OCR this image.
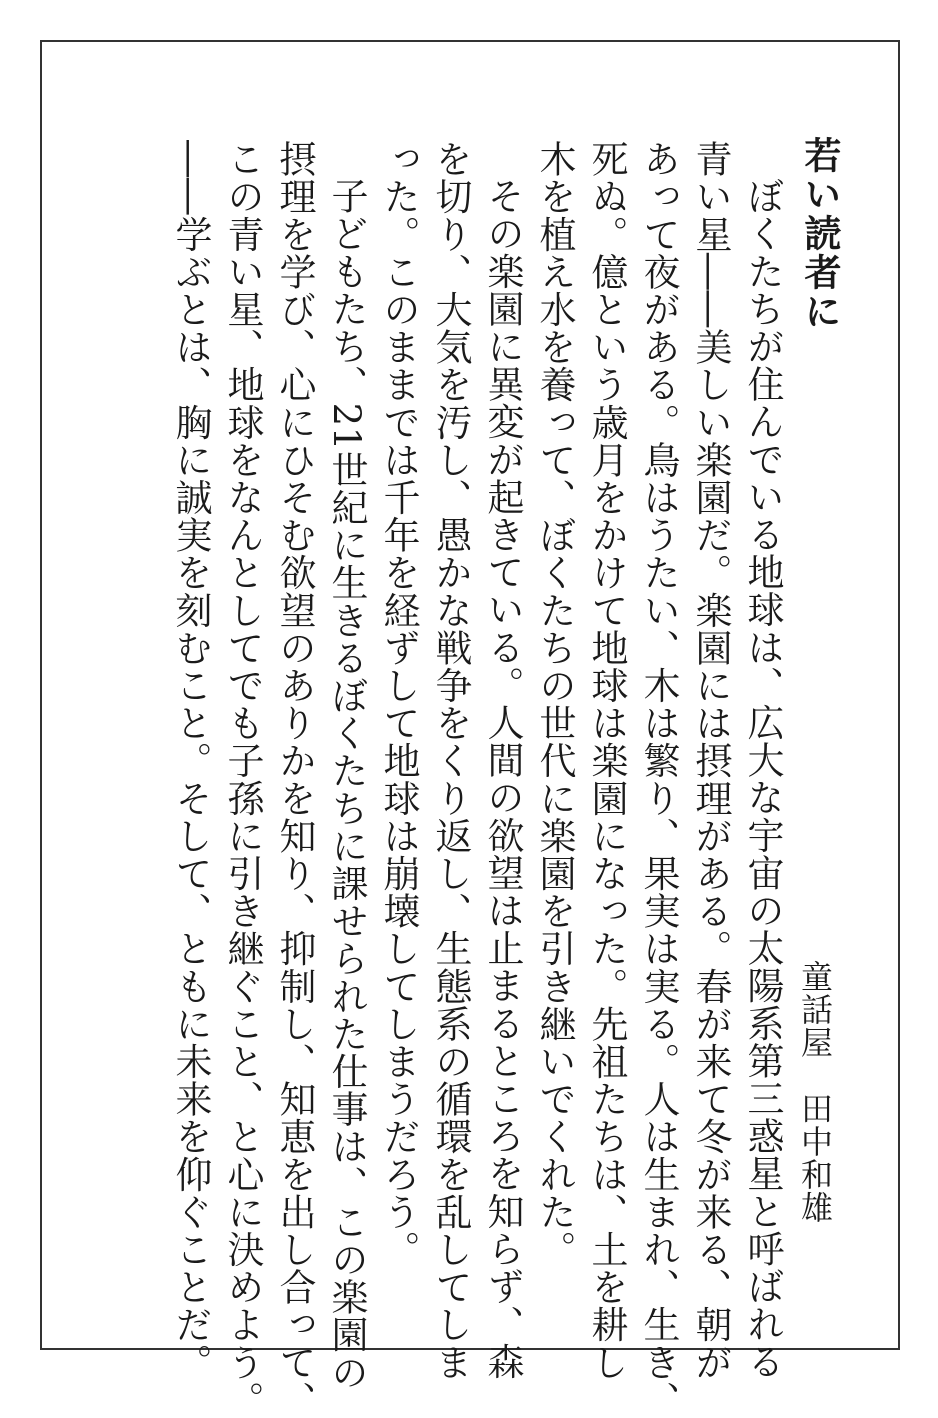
若い読者に
童話屋　田中和雄
ぼくたちが住んでいる地球は、広大な宇宙の太陽系第三惑星と呼ばれる
青い星――美しい楽園だ。楽園には摂理がある。春が来て冬が来る、朝が
あって夜がある。鳥はうたい、木は繁り、果実は実る。人は生まれ、生き、
死ぬ。億という歳月をかけて地球は楽園になった。先祖たちは、土を耕し
木を植え水を養って、ぼくたちの世代に楽園を引き継いでくれた。
その楽園に異変が起きている。人間の欲望は止まるところを知らず、森
を切り、大気を汚し、愚かな戦争をくり返し、生態系の循環を乱してしま
った。このままでは千年を経ずして地球は崩壊してしまうだろう。
子どもたち、21世紀に生きるぼくたちに課せられた仕事は、この楽園の
摂理を学び、心にひそむ欲望のありかを知り、抑制し、知恵を出し合って、
この青い星、地球をなんとしてでも子孫に引き継ぐこと、と心に決めよう。
――学ぶとは、胸に誠実を刻むこと。そして、ともに未来を仰ぐことだ。
